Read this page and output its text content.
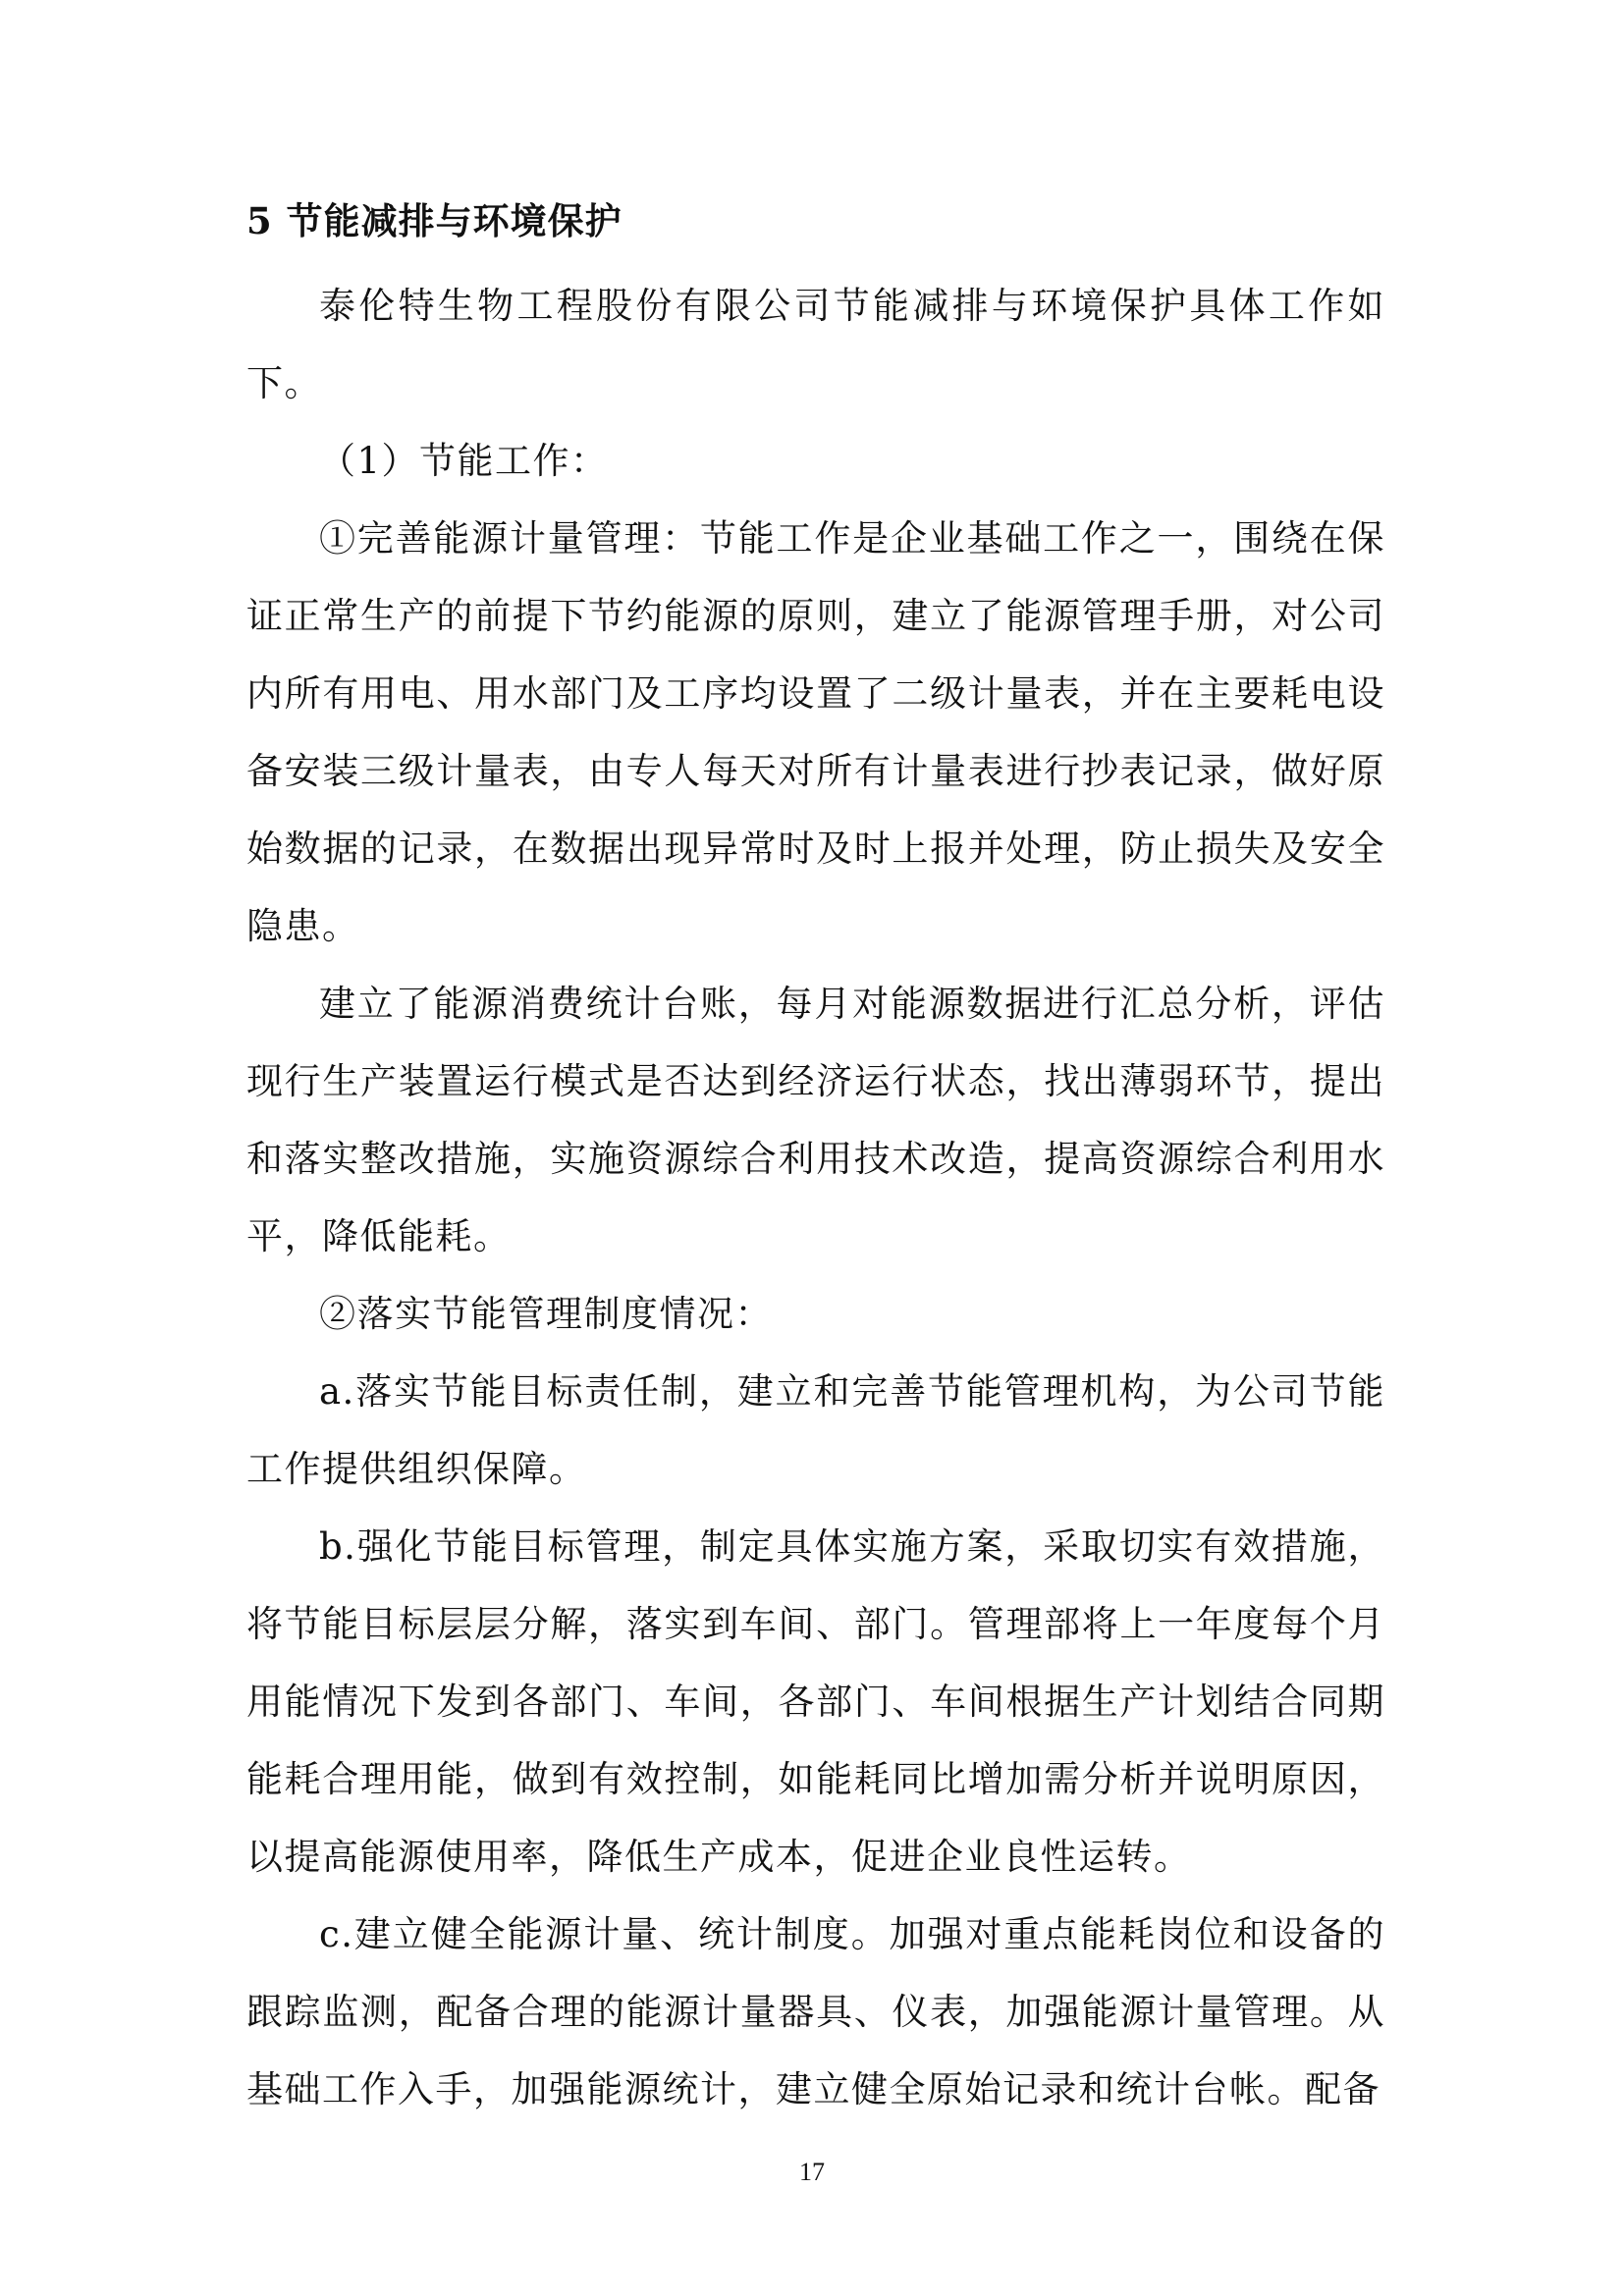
5 节能减排与环境保护

泰伦特生物工程股份有限公司节能减排与环境保护具体工作如下。

（1）节能工作：

①完善能源计量管理：节能工作是企业基础工作之一，围绕在保证正常生产的前提下节约能源的原则，建立了能源管理手册，对公司内所有用电、用水部门及工序均设置了二级计量表，并在主要耗电设备安装三级计量表，由专人每天对所有计量表进行抄表记录，做好原始数据的记录，在数据出现异常时及时上报并处理，防止损失及安全隐患。

建立了能源消费统计台账，每月对能源数据进行汇总分析，评估现行生产装置运行模式是否达到经济运行状态，找出薄弱环节，提出和落实整改措施，实施资源综合利用技术改造，提高资源综合利用水平，降低能耗。

②落实节能管理制度情况：

a.落实节能目标责任制，建立和完善节能管理机构，为公司节能工作提供组织保障。

b.强化节能目标管理，制定具体实施方案，采取切实有效措施，将节能目标层层分解，落实到车间、部门。管理部将上一年度每个月用能情况下发到各部门、车间，各部门、车间根据生产计划结合同期能耗合理用能，做到有效控制，如能耗同比增加需分析并说明原因，以提高能源使用率，降低生产成本，促进企业良性运转。

c.建立健全能源计量、统计制度。加强对重点能耗岗位和设备的跟踪监测，配备合理的能源计量器具、仪表，加强能源计量管理。从基础工作入手，加强能源统计，建立健全原始记录和统计台帐。配备

17
